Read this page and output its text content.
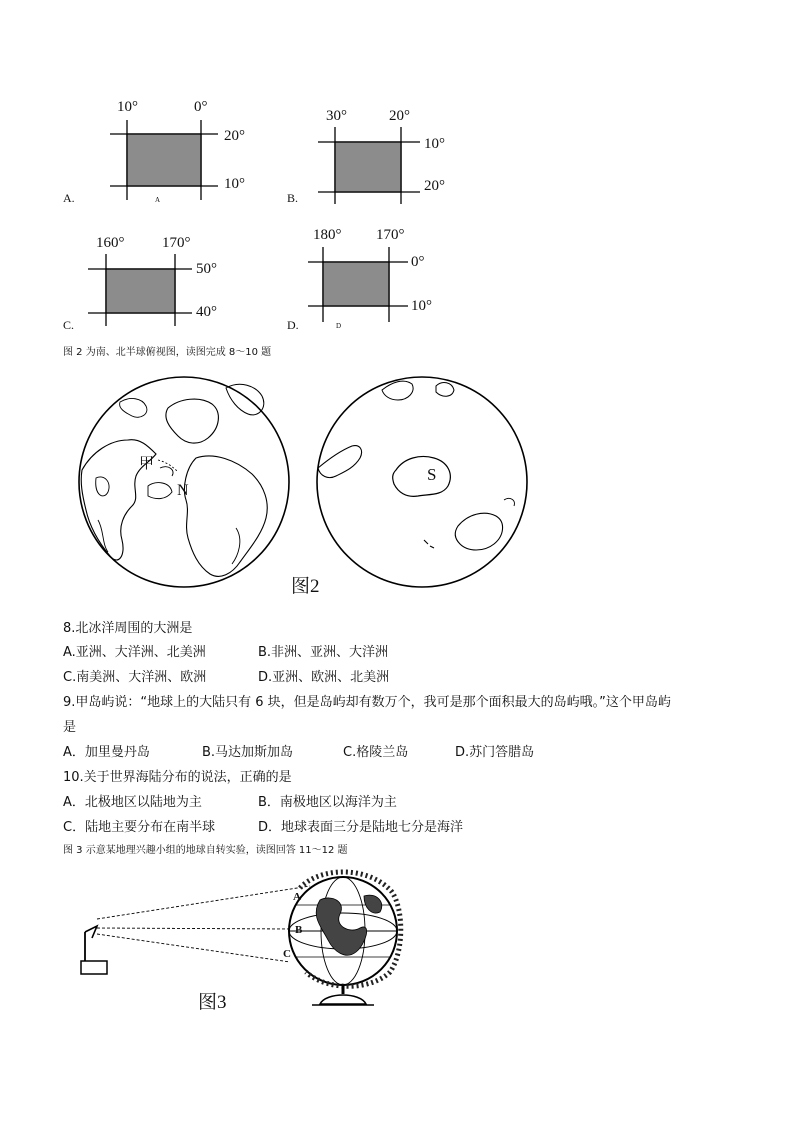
10°	0°
20°
10°
A.	A
30°	20°
10°
20°
B.
160°	170°
50°
40°
C.
180° 170°
0°
10°
D.	D
图 2 为南、北半球俯视图，读图完成 8～10 题
甲
N
S
图2
8.北冰洋周围的大洲是
A.亚洲、大洋洲、北美洲	B.非洲、亚洲、大洋洲
C.南美洲、大洋洲、欧洲	D.亚洲、欧洲、北美洲
9.甲岛屿说：“地球上的大陆只有 6 块，但是岛屿却有数万个，我可是那个面积最大的岛屿哦。”这个甲岛屿
是
A．加里曼丹岛	B.马达加斯加岛	C.格陵兰岛	D.苏门答腊岛
10.关于世界海陆分布的说法，正确的是
A．北极地区以陆地为主	B．南极地区以海洋为主
C．陆地主要分布在南半球	D．地球表面三分是陆地七分是海洋
图 3 示意某地理兴趣小组的地球自转实验，读图回答 11～12 题
A
B
C
图3
